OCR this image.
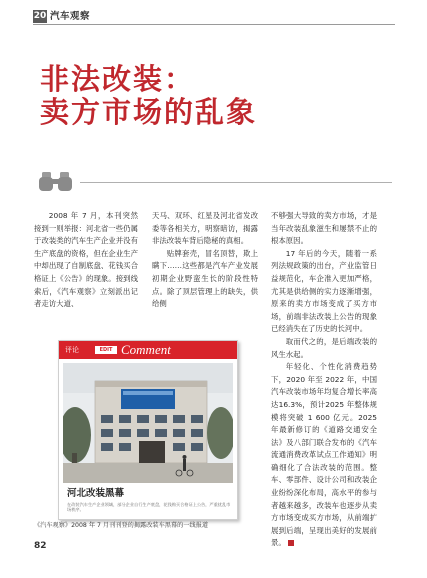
20 汽车观察
非法改装：
卖方市场的乱象

2008 年 7 月，本刊突然接到一则举报：河北省一些仍属于改装类的汽车生产企业并没有生产底盘的资格，但在企业生产中却出现了自制底盘、花钱买合格证上《公告》的现象。接到线索后，《汽车观察》立刻派出记者走访大道、

天马、双环、红星及河北省发改委等各相关方，明察暗访，揭露非法改装车背后隐秘的真相。

贴牌套壳，冒名顶替，欺上瞒下……这些都是汽车产业发展初期企业野蛮生长的阶段性特点。除了顶层管理上的缺失，供给侧

不够强大导致的卖方市场，才是当年改装乱象滋生和屡禁不止的根本原因。

17 年后的今天，随着一系列法规政策的出台，产业监管日益规范化，车企准入更加严格，尤其是供给侧的实力逐渐增强，原来的卖方市场变成了买方市场，前端非法改装上公告的现象已经消失在了历史的长河中。

取而代之的，是后端改装的风生水起。

年轻化、个性化消费趋势下，2020 年至 2022 年，中国汽车改装市场年均复合增长率高达16.3%，预计2025 年整体规模将突破 1 600 亿元。2025 年最新修订的《道路交通安全法》及八部门联合发布的《汽车流通消费改革试点工作通知》明确细化了合法改装的范围。整车、零部件、设计公司和改装企业纷纷深化布局，高水平的参与者越来越多，改装车也逐步从卖方市场变成买方市场，从前端扩展到后端，呈现出美好的发展前景。

评论	EDIT Comment
河北改装黑幕
在改装汽车生产企业领域，部分企业自行生产底盘，花钱购买合格证上公告，严重扰乱市场秩序。
《汽车观察》2008 年 7 月刊刊登的揭露改装车黑幕的一线报道
82
